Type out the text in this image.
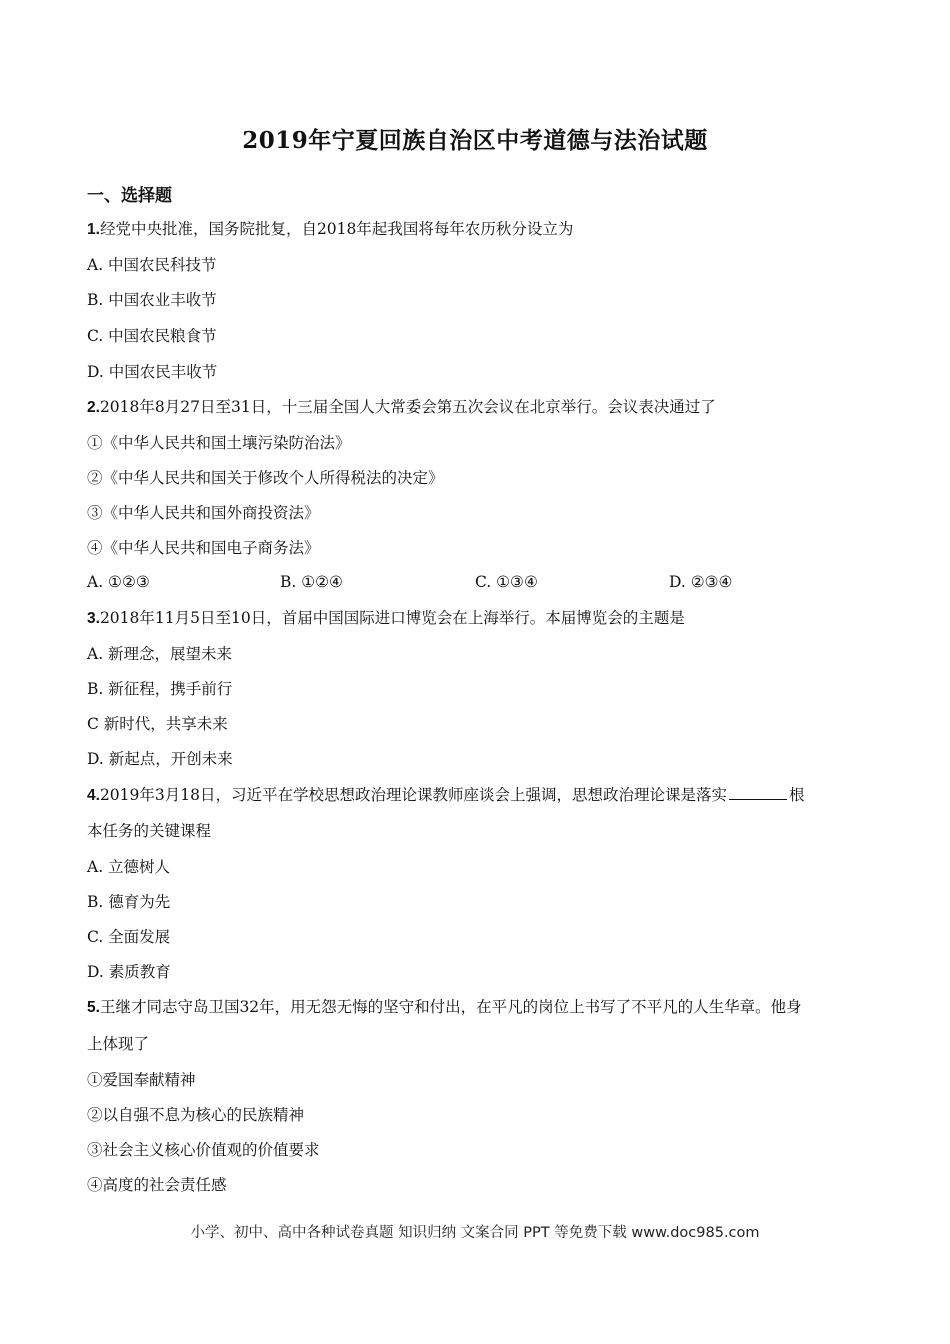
2019年宁夏回族自治区中考道德与法治试题
一、选择题
1.经党中央批准，国务院批复，自2018年起我国将每年农历秋分设立为
A. 中国农民科技节
B. 中国农业丰收节
C. 中国农民粮食节
D. 中国农民丰收节
2.2018年8月27日至31日，十三届全国人大常委会第五次会议在北京举行。会议表决通过了
①《中华人民共和国土壤污染防治法》
②《中华人民共和国关于修改个人所得税法的决定》
③《中华人民共和国外商投资法》
④《中华人民共和国电子商务法》
A. ①②③	B. ①②④	C. ①③④	D. ②③④
3.2018年11月5日至10日，首届中国国际进口博览会在上海举行。本届博览会的主题是
A. 新理念，展望未来
B. 新征程，携手前行
C 新时代，共享未来
D. 新起点，开创未来
4.2019年3月18日，习近平在学校思想政治理论课教师座谈会上强调，思想政治理论课是落实	根
本任务的关键课程
A. 立德树人
B. 德育为先
C. 全面发展
D. 素质教育
5.王继才同志守岛卫国32年，用无怨无悔的坚守和付出，在平凡的岗位上书写了不平凡的人生华章。他身
上体现了
①爱国奉献精神
②以自强不息为核心的民族精神
③社会主义核心价值观的价值要求
④高度的社会责任感
小学、初中、高中各种试卷真题 知识归纳 文案合同 PPT 等免费下载 www.doc985.com
